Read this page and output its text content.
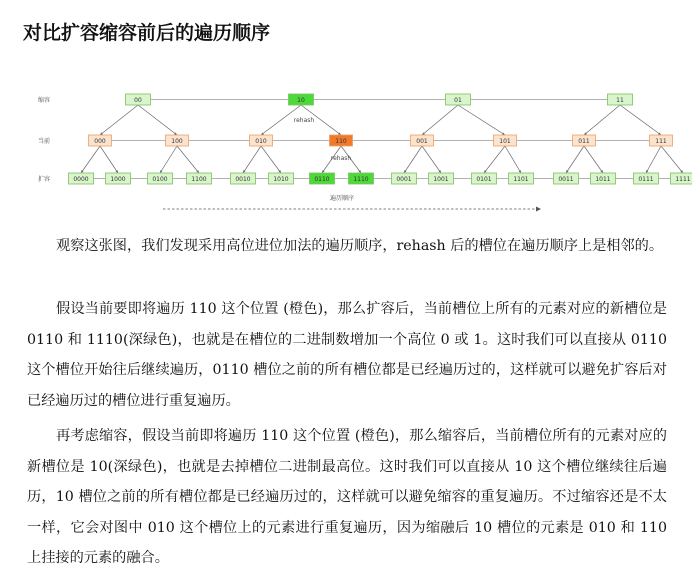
对比扩容缩容前后的遍历顺序
00	10	01	11
000	100	010	110	001	101	011	111
0000	1000	0100	1100	0010	1010	0110	1110	0001	1001	0101	1101	0011	1011	0111	1111
缩容
当前
扩容
rehash
rehash
遍历顺序

观察这张图，我们发现采用高位进位加法的遍历顺序，rehash 后的槽位在遍历顺序上是相邻的。

假设当前要即将遍历 110 这个位置 (橙色)，那么扩容后，当前槽位上所有的元素对应的新槽位是 0110 和 1110(深绿色)，也就是在槽位的二进制数增加一个高位 0 或 1。这时我们可以直接从 0110 这个槽位开始往后继续遍历，0110 槽位之前的所有槽位都是已经遍历过的，这样就可以避免扩容后对已经遍历过的槽位进行重复遍历。

再考虑缩容，假设当前即将遍历 110 这个位置 (橙色)，那么缩容后，当前槽位所有的元素对应的新槽位是 10(深绿色)，也就是去掉槽位二进制最高位。这时我们可以直接从 10 这个槽位继续往后遍历，10 槽位之前的所有槽位都是已经遍历过的，这样就可以避免缩容的重复遍历。不过缩容还是不太一样，它会对图中 010 这个槽位上的元素进行重复遍历，因为缩融后 10 槽位的元素是 010 和 110 上挂接的元素的融合。
